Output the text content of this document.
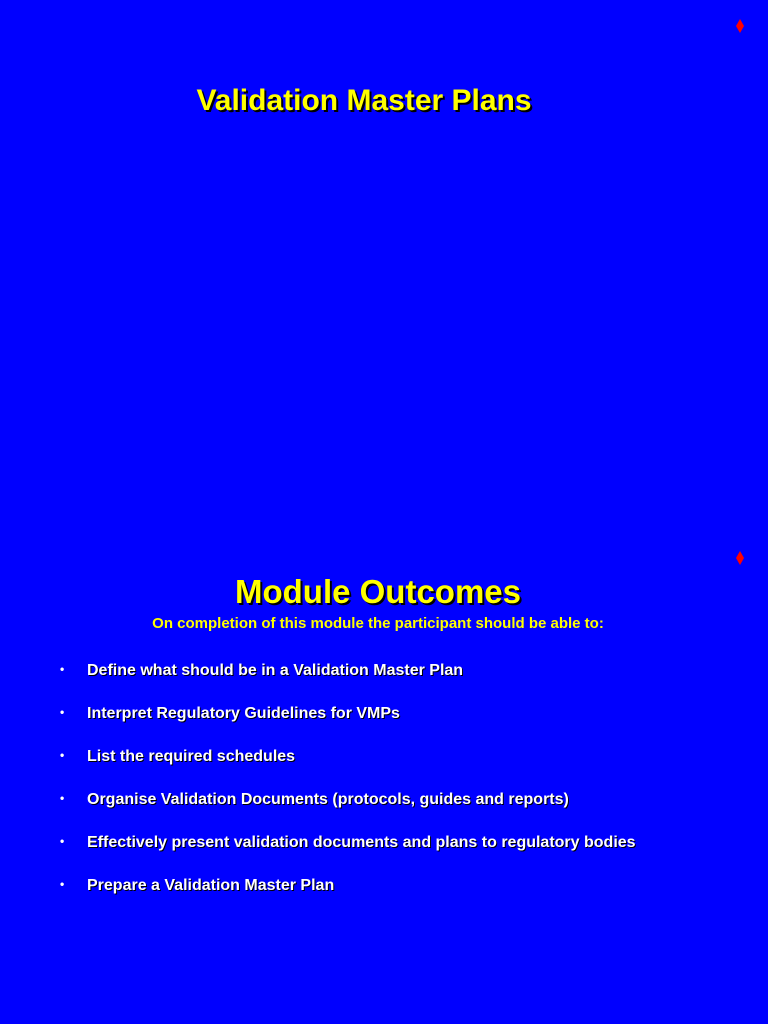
Validation Master Plans
Module Outcomes

On completion of this module the participant should be able to:

• Define what should be in a Validation Master Plan
• Interpret Regulatory Guidelines for VMPs
• List the required schedules
• Organise Validation Documents (protocols, guides and reports)
• Effectively present validation documents and plans to regulatory bodies
• Prepare a Validation Master Plan
